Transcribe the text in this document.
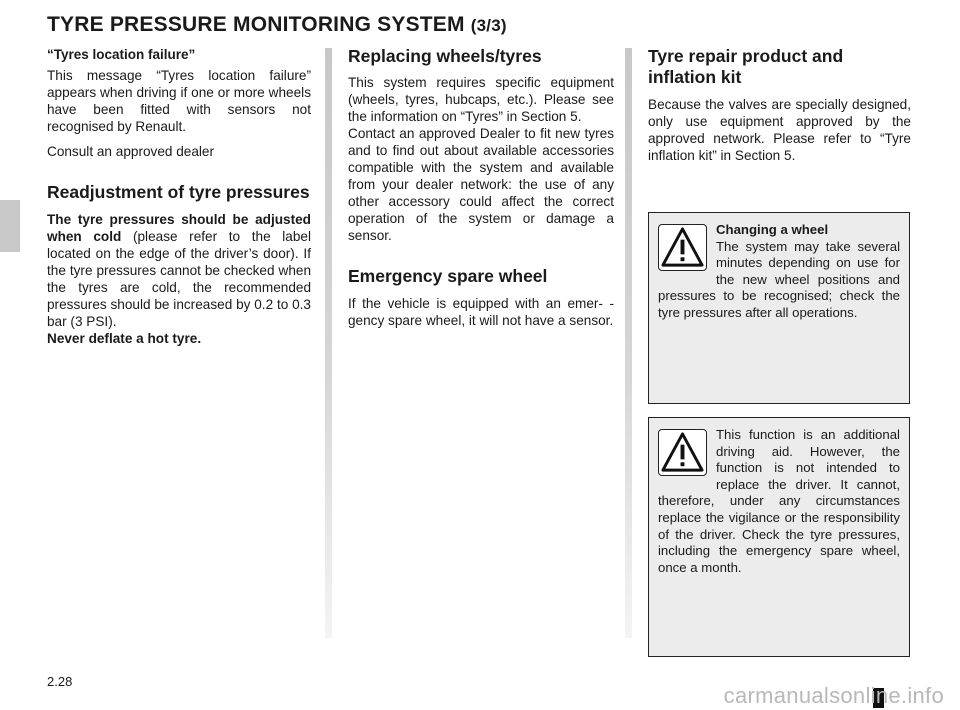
TYRE PRESSURE MONITORING SYSTEM (3/3)
“Tyres location failure”

This message “Tyres location failure” appears when driving if one or more wheels have been fitted with sensors not recognised by Renault.

Consult an approved dealer

Readjustment of tyre pressures

The tyre pressures should be adjusted when cold (please refer to the label located on the edge of the driver’s door). If the tyre pressures cannot be checked when the tyres are cold, the recommended pressures should be increased by 0.2 to 0.3 bar (3 PSI).

Never deflate a hot tyre.

Replacing wheels/tyres

This system requires specific equipment (wheels, tyres, hubcaps, etc.). Please see the information on “Tyres” in Section 5.

Contact an approved Dealer to fit new tyres and to find out about available accessories compatible with the system and available from your dealer network: the use of any other accessory could affect the correct operation of the system or damage a sensor.

Emergency spare wheel

If the vehicle is equipped with an emer- -gency spare wheel, it will not have a sensor.

Tyre repair product and inflation kit

Because the valves are specially designed, only use equipment approved by the approved network. Please refer to “Tyre inflation kit” in Section 5.

Changing a wheel
The system may take several minutes depending on use for the new wheel positions and pressures to be recognised; check the tyre pressures after all operations.

This function is an additional driving aid. However, the function is not intended to replace the driver. It cannot, therefore, under any circumstances replace the vigilance or the responsibility of the driver. Check the tyre pressures, including the emergency spare wheel, once a month.

2.28
carmanualsonline.info
